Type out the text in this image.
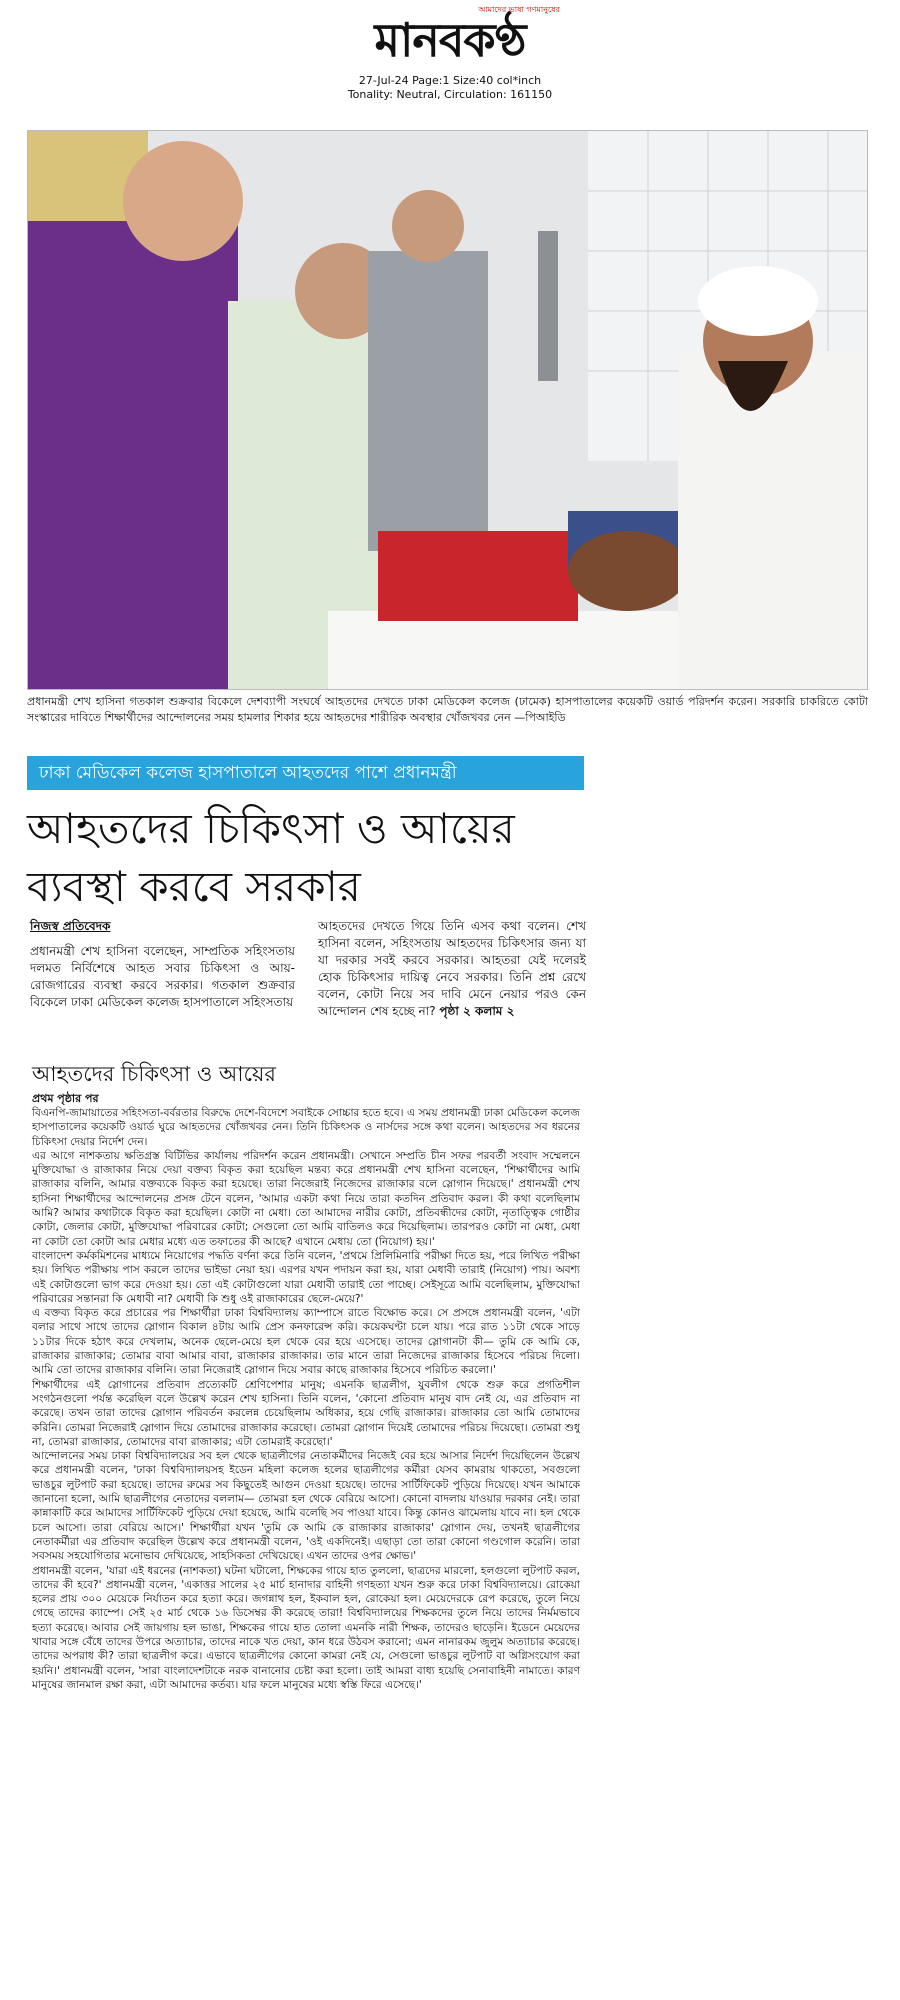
আমাদের ভাষা গণমানুষের
মানবকণ্ঠ
27-Jul-24 Page:1 Size:40 col*inch
Tonality: Neutral, Circulation: 161150
প্রধানমন্ত্রী শেখ হাসিনা গতকাল শুক্রবার বিকেলে দেশব্যাপী সংঘর্ষে আহতদের দেখতে ঢাকা মেডিকেল কলেজ (ঢামেক) হাসপাতালের কয়েকটি ওয়ার্ড পরিদর্শন করেন। সরকারি চাকরিতে কোটা সংস্কারের দাবিতে শিক্ষার্থীদের আন্দোলনের সময় হামলার শিকার হয়ে আহতদের শারীরিক অবস্থার খোঁজখবর নেন —পিআইডি
ঢাকা মেডিকেল কলেজ হাসপাতালে আহতদের পাশে প্রধানমন্ত্রী
আহতদের চিকিৎসা ও আয়ের
ব্যবস্থা করবে সরকার
নিজস্ব প্রতিবেদক
প্রধানমন্ত্রী শেখ হাসিনা বলেছেন, সাম্প্রতিক সহিংসতায় দলমত নির্বিশেষে আহত সবার চিকিৎসা ও আয়-রোজগারের ব্যবস্থা করবে সরকার। গতকাল শুক্রবার বিকেলে ঢাকা মেডিকেল কলেজ হাসপাতালে সহিংসতায়
আহতদের দেখতে গিয়ে তিনি এসব কথা বলেন। শেখ হাসিনা বলেন, সহিংসতায় আহতদের চিকিৎসার জন্য যা যা দরকার সবই করবে সরকার। আহতরা যেই দলেরই হোক চিকিৎসার দায়িত্ব নেবে সরকার। তিনি প্রশ্ন রেখে বলেন, কোটা নিয়ে সব দাবি মেনে নেয়ার পরও কেন আন্দোলন শেষ হচ্ছে না? পৃষ্ঠা ২ কলাম ২
আহতদের চিকিৎসা ও আয়ের
প্রথম পৃষ্ঠার পর

বিএনপি-জামায়াতের সহিংসতা-বর্বরতার বিরুদ্ধে দেশে-বিদেশে সবাইকে সোচ্চার হতে হবে। এ সময় প্রধানমন্ত্রী ঢাকা মেডিকেল কলেজ হাসপাতালের কয়েকটি ওয়ার্ড ঘুরে আহতদের খোঁজখবর নেন। তিনি চিকিৎসক ও নার্সদের সঙ্গে কথা বলেন। আহতদের সব ধরনের চিকিৎসা দেয়ার নির্দেশ দেন।

এর আগে নাশকতায় ক্ষতিগ্রস্ত বিটিভির কার্যালয় পরিদর্শন করেন প্রধানমন্ত্রী। সেখানে সম্প্রতি চীন সফর পরবর্তী সংবাদ সম্মেলনে মুক্তিযোদ্ধা ও রাজাকার নিয়ে দেয়া বক্তব্য বিকৃত করা হয়েছিল মন্তব্য করে প্রধানমন্ত্রী শেখ হাসিনা বলেছেন, 'শিক্ষার্থীদের আমি রাজাকার বলিনি, আমার বক্তব্যকে বিকৃত করা হয়েছে। তারা নিজেরাই নিজেদের রাজাকার বলে স্লোগান দিয়েছে।' প্রধানমন্ত্রী শেখ হাসিনা শিক্ষার্থীদের আন্দোলনের প্রসঙ্গ টেনে বলেন, 'আমার একটা কথা নিয়ে তারা কতদিন প্রতিবাদ করল। কী কথা বলেছিলাম আমি? আমার কথাটাকে বিকৃত করা হয়েছিল। কোটা না মেধা। তো আমাদের নারীর কোটা, প্রতিবন্ধীদের কোটা, নৃতাত্ত্বিক গোষ্ঠীর কোটা, জেলার কোটা, মুক্তিযোদ্ধা পরিবারের কোটা; সেগুলো তো আমি বাতিলও করে দিয়েছিলাম। তারপরও কোটা না মেধা, মেধা না কোটা তো কোটা আর মেধার মধ্যে এত তফাতের কী আছে? এখানে মেধায় তো (নিয়োগ) হয়।'

বাংলাদেশ কর্মকমিশনের মাধ্যমে নিয়োগের পদ্ধতি বর্ণনা করে তিনি বলেন, 'প্রথমে প্রিলিমিনারি পরীক্ষা দিতে হয়, পরে লিখিত পরীক্ষা হয়। লিখিত পরীক্ষায় পাস করলে তাদের ভাইভা নেয়া হয়। এরপর যখন পদায়ন করা হয়, যারা মেধাবী তারাই (নিয়োগ) পায়। অবশ্য এই কোটাগুলো ভাগ করে দেওয়া হয়। তো এই কোটাগুলো যারা মেধাবী তারাই তো পাচ্ছে। সেইসূত্রে আমি বলেছিলাম, মুক্তিযোদ্ধা পরিবারের সন্তানরা কি মেধাবী না? মেধাবী কি শুধু ওই রাজাকারের ছেলে-মেয়ে?'

এ বক্তব্য বিকৃত করে প্রচারের পর শিক্ষার্থীরা ঢাকা বিশ্ববিদ্যালয় ক্যাম্পাসে রাতে বিক্ষোভ করে। সে প্রসঙ্গে প্রধানমন্ত্রী বলেন, 'এটা বলার সাথে সাথে তাদের স্লোগান বিকাল ৪টায় আমি প্রেস কনফারেন্স করি। কয়েকঘণ্টা চলে যায়। পরে রাত ১১টা থেকে সাড়ে ১১টার দিকে হঠাৎ করে দেখলাম, অনেক ছেলে-মেয়ে হল থেকে বের হয়ে এসেছে। তাদের স্লোগানটা কী— তুমি কে আমি কে, রাজাকার রাজাকার; তোমার বাবা আমার বাবা, রাজাকার রাজাকার। তার মানে তারা নিজেদের রাজাকার হিসেবে পরিচয় দিলো। আমি তো তাদের রাজাকার বলিনি। তারা নিজেরাই স্লোগান দিয়ে সবার কাছে রাজাকার হিসেবে পরিচিত করলো।'

শিক্ষার্থীদের এই স্লোগানের প্রতিবাদ প্রত্যেকটি শ্রেণিপেশার মানুষ; এমনকি ছাত্রলীগ, যুবলীগ থেকে শুরু করে প্রগতিশীল সংগঠনগুলো পর্যন্ত করেছিল বলে উল্লেখ করেন শেখ হাসিনা। তিনি বলেন, 'কোনো প্রতিবাদ মানুষ বাদ নেই যে, এর প্রতিবাদ না করেছে। তখন তারা তাদের স্লোগান পরিবর্তন করলেন্ন চেয়েছিলাম অধিকার, হয়ে গেছি রাজাকার। রাজাকার তো আমি তোমাদের করিনি। তোমরা নিজেরাই স্লোগান দিয়ে তোমাদের রাজাকার করেছো। তোমরা স্লোগান দিয়েই তোমাদের পরিচয় দিয়েছো। তোমরা শুধু না, তোমরা রাজাকার, তোমাদের বাবা রাজাকার; এটা তোমরাই করেছো।'

আন্দোলনের সময় ঢাকা বিশ্ববিদ্যালয়ের সব হল থেকে ছাত্রলীগের নেতাকর্মীদের নিজেই বের হয়ে আসার নির্দেশ দিয়েছিলেন উল্লেখ করে প্রধানমন্ত্রী বলেন, 'ঢাকা বিশ্ববিদ্যালয়সহ ইডেন মহিলা কলেজ হলের ছাত্রলীগের কর্মীরা যেসব কামরায় থাকতো, সবগুলো ভাঙচুর লুটপাট করা হয়েছে। তাদের রুমের সব কিছুতেই আগুন দেওয়া হয়েছে। তাদের সার্টিফিকেট পুড়িয়ে দিয়েছে। যখন আমাকে জানানো হলো, আমি ছাত্রলীগের নেতাদের বললাম— তোমরা হল থেকে বেরিয়ে আসো। কোনো বাদলায় যাওয়ার দরকার নেই। তারা কান্নাকাটি করে আমাদের সার্টিফিকেট পুড়িয়ে দেয়া হয়েছে, আমি বলেছি সব পাওয়া যাবে। কিন্তু কোনও ঝামেলায় যাবে না। হল থেকে চলে আসো। তারা বেরিয়ে আসে।' শিক্ষার্থীরা যখন 'তুমি কে আমি কে রাজাকার রাজাকার' স্লোগান দেয়, তখনই ছাত্রলীগের নেতাকর্মীরা এর প্রতিবাদ করেছিল উল্লেখ করে প্রধানমন্ত্রী বলেন, 'ওই একদিনেই। এছাড়া তো তারা কোনো গণ্ডগোল করেনি। তারা সবসময় সহযোগিতার মনোভাব দেখিয়েছে, সাহসিকতা দেখিয়েছে। এখন তাদের ওপর ক্ষোভ।'

প্রধানমন্ত্রী বলেন, 'যারা এই ধরনের (নাশকতা) ঘটনা ঘটালো, শিক্ষকের গায়ে হাত তুললো, ছাত্রদের মারলো, হলগুলো লুটপাট করল, তাদের কী হবে?' প্রধানমন্ত্রী বলেন, 'একাত্তর সালের ২৫ মার্চ হানাদার বাহিনী গণহত্যা যখন শুরু করে ঢাকা বিশ্ববিদ্যালয়ে। রোকেয়া হলের প্রায় ৩০০ মেয়েকে নির্যাতন করে হত্যা করে। জগন্নাথ হল, ইকবাল হল, রোকেয়া হল। মেয়েদেরকে রেপ করেছে, তুলে নিয়ে গেছে তাদের ক্যাম্পে। সেই ২৫ মার্চ থেকে ১৬ ডিসেম্বর কী করেছে তারা! বিশ্ববিদ্যালয়ের শিক্ষকদের তুলে নিয়ে তাদের নির্মমভাবে হত্যা করেছে। আবার সেই জায়গায় হল ভাঙা, শিক্ষকের গায়ে হাত তোলা এমনকি নারী শিক্ষক, তাদেরও ছাড়েনি। ইডেনে মেয়েদের খাবার সঙ্গে বেঁধে তাদের উপরে অত্যাচার, তাদের নাকে খত দেয়া, কান ধরে উঠবস করানো; এমন নানারকম জুলুম অত্যাচার করেছে। তাদের অপরাধ কী? তারা ছাত্রলীগ করে। এভাবে ছাত্রলীগের কোনো কামরা নেই যে, সেগুলো ভাঙচুর লুটপাট বা অগ্নিসংযোগ করা হয়নি।' প্রধানমন্ত্রী বলেন, 'সারা বাংলাদেশটাকে নরক বানানোর চেষ্টা করা হলো। তাই আমরা বাধ্য হয়েছি সেনাবাহিনী নামাতে। কারণ মানুষের জানমাল রক্ষা করা, এটা আমাদের কর্তব্য। যার ফলে মানুষের মধ্যে স্বস্তি ফিরে এসেছে।'
